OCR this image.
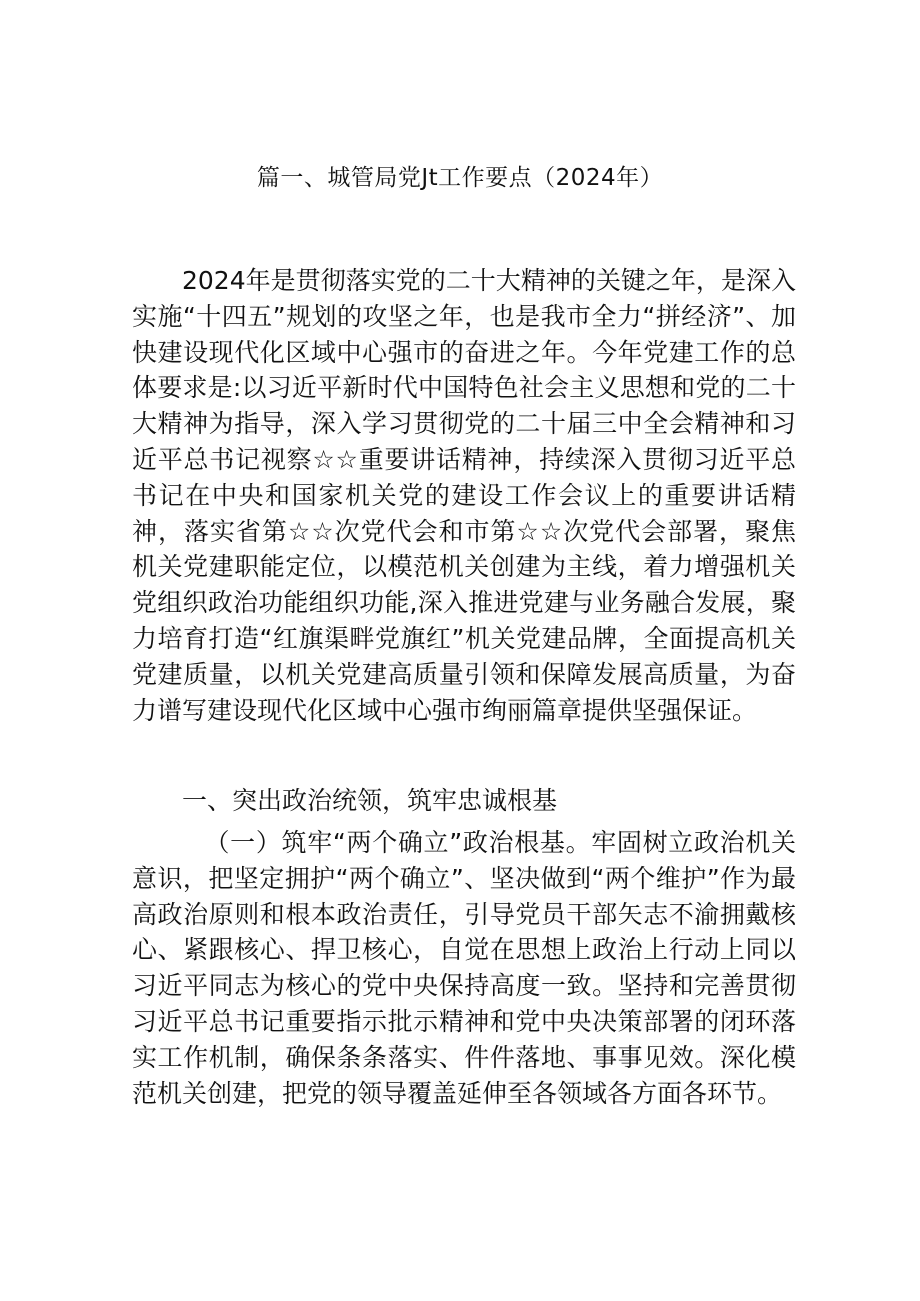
篇一、城管局党Jt工作要点（2024年）

2024年是贯彻落实党的二十大精神的关键之年，是深入实施“十四五”规划的攻坚之年，也是我市全力“拼经济”、加快建设现代化区域中心强市的奋进之年。今年党建工作的总体要求是:以习近平新时代中国特色社会主义思想和党的二十大精神为指导，深入学习贯彻党的二十届三中全会精神和习近平总书记视察☆☆重要讲话精神，持续深入贯彻习近平总书记在中央和国家机关党的建设工作会议上的重要讲话精神，落实省第☆☆次党代会和市第☆☆次党代会部署，聚焦机关党建职能定位，以模范机关创建为主线，着力增强机关党组织政治功能组织功能,深入推进党建与业务融合发展，聚力培育打造“红旗渠畔党旗红”机关党建品牌，全面提高机关党建质量，以机关党建高质量引领和保障发展高质量，为奋力谱写建设现代化区域中心强市绚丽篇章提供坚强保证。

一、突出政治统领，筑牢忠诚根基

（一）筑牢“两个确立”政治根基。牢固树立政治机关意识，把坚定拥护“两个确立”、坚决做到“两个维护”作为最高政治原则和根本政治责任，引导党员干部矢志不渝拥戴核心、紧跟核心、捍卫核心，自觉在思想上政治上行动上同以习近平同志为核心的党中央保持高度一致。坚持和完善贯彻习近平总书记重要指示批示精神和党中央决策部署的闭环落实工作机制，确保条条落实、件件落地、事事见效。深化模范机关创建，把党的领导覆盖延伸至各领域各方面各环节。
